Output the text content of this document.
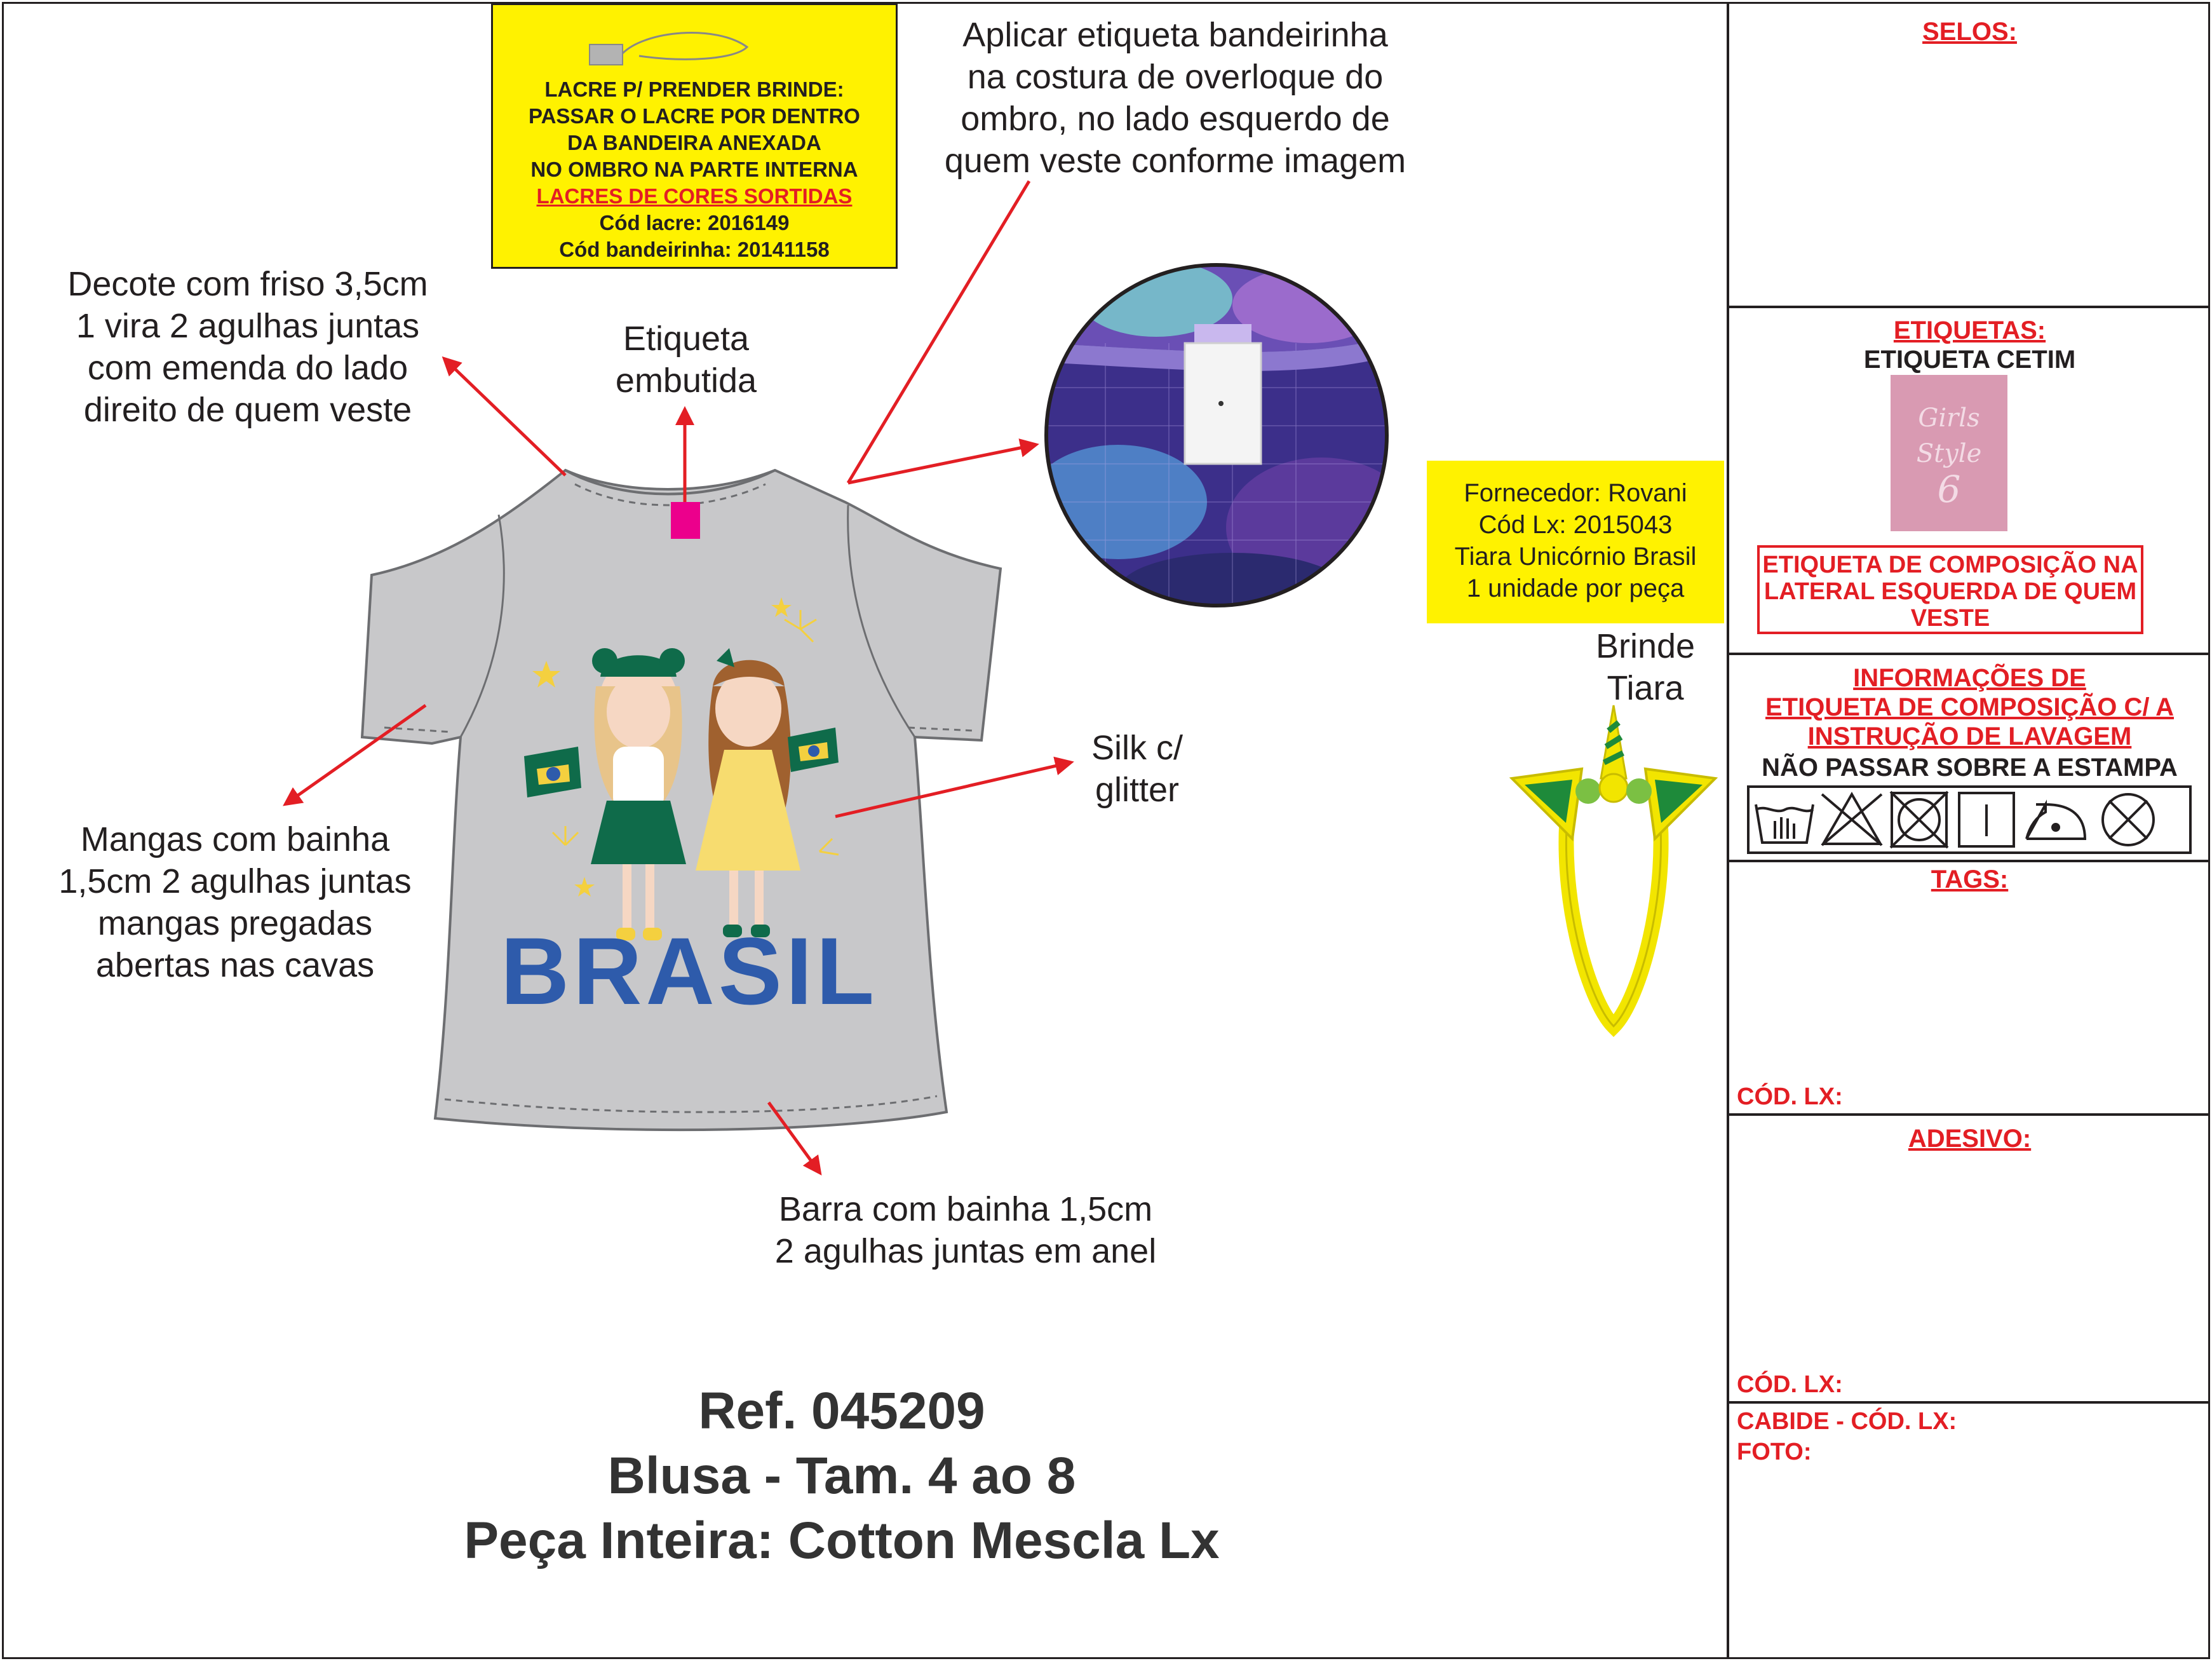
LACRE P/ PRENDER BRINDE:
PASSAR O LACRE POR DENTRO
DA BANDEIRA ANEXADA
NO OMBRO NA PARTE INTERNA
LACRES DE CORES SORTIDAS
Cód lacre: 2016149
Cód bandeirinha: 20141158
Aplicar etiqueta bandeirinha
na costura de overloque do
ombro, no lado esquerdo de
quem veste conforme imagem
Decote com friso 3,5cm
1 vira 2 agulhas juntas
com emenda do lado
direito de quem veste
Etiqueta
embutida
Mangas com bainha
1,5cm 2 agulhas juntas
mangas pregadas
abertas nas cavas
Silk c/
glitter
Barra com bainha 1,5cm
2 agulhas juntas em anel
BRASIL
Fornecedor: Rovani
Cód Lx: 2015043
Tiara Unicórnio Brasil
1 unidade por peça
Brinde
Tiara
Ref. 045209
Blusa - Tam. 4 ao 8
Peça Inteira: Cotton Mescla Lx
SELOS:
ETIQUETAS:
ETIQUETA CETIM
Girls
Style
6
ETIQUETA DE COMPOSIÇÃO NA
LATERAL ESQUERDA DE QUEM
VESTE
INFORMAÇÕES DE
ETIQUETA DE COMPOSIÇÃO C/ A
INSTRUÇÃO DE LAVAGEM
NÃO PASSAR SOBRE A ESTAMPA
TAGS:
CÓD. LX:
ADESIVO:
CÓD. LX:
CABIDE - CÓD. LX:
FOTO:
